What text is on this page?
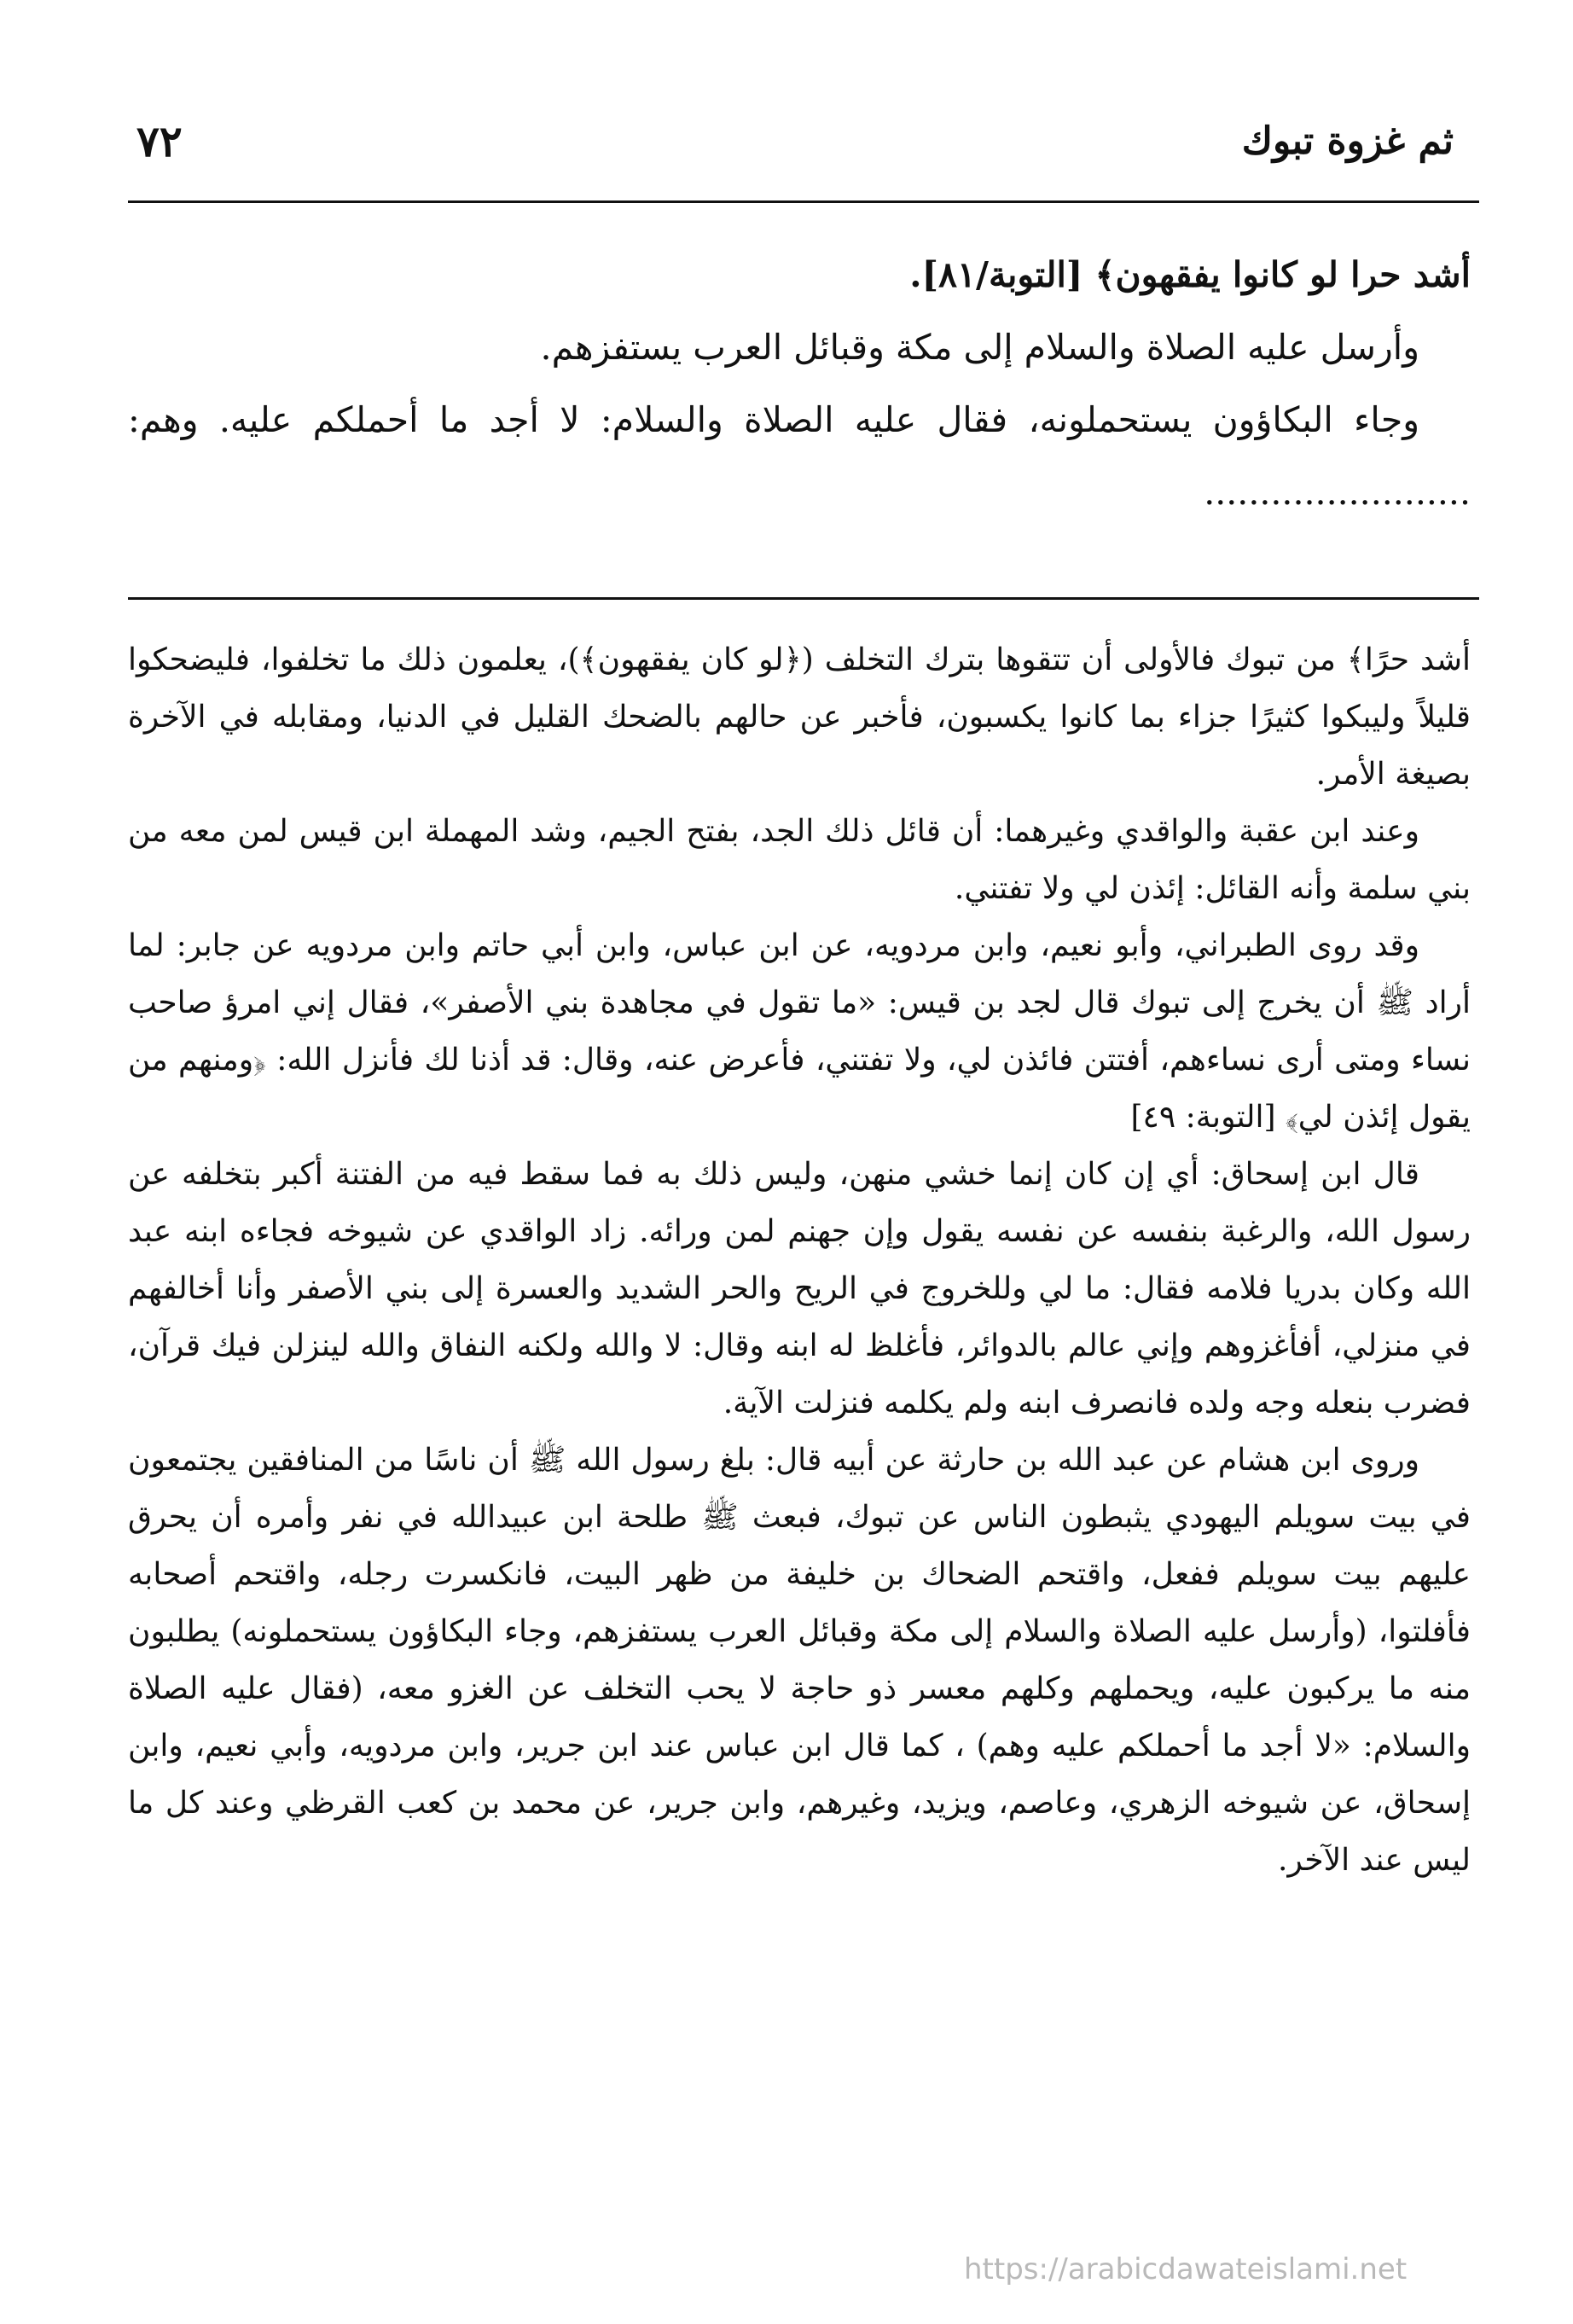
ثم غزوة تبوك
٧٢

أشد حرا لو كانوا يفقهون﴾ [التوبة/٨١].

وأرسل عليه الصلاة والسلام إلى مكة وقبائل العرب يستفزهم.

وجاء البكاؤون يستحملونه، فقال عليه الصلاة والسلام: لا أجد ما أحملكم عليه. وهم: ........................

أشد حرًا﴾ من تبوك فالأولى أن تتقوها بترك التخلف (﴿لو كان يفقهون﴾)، يعلمون ذلك ما تخلفوا، فليضحكوا قليلاً وليبكوا كثيرًا جزاء بما كانوا يكسبون، فأخبر عن حالهم بالضحك القليل في الدنيا، ومقابله في الآخرة بصيغة الأمر.

وعند ابن عقبة والواقدي وغيرهما: أن قائل ذلك الجد، بفتح الجيم، وشد المهملة ابن قيس لمن معه من بني سلمة وأنه القائل: إئذن لي ولا تفتني.

وقد روى الطبراني، وأبو نعيم، وابن مردويه، عن ابن عباس، وابن أبي حاتم وابن مردويه عن جابر: لما أراد ﷺ أن يخرج إلى تبوك قال لجد بن قيس: «ما تقول في مجاهدة بني الأصفر»، فقال إني امرؤ صاحب نساء ومتى أرى نساءهم، أفتتن فائذن لي، ولا تفتني، فأعرض عنه، وقال: قد أذنا لك فأنزل الله: ﴿ومنهم من يقول إئذن لي﴾ [التوبة: ٤٩]

قال ابن إسحاق: أي إن كان إنما خشي منهن، وليس ذلك به فما سقط فيه من الفتنة أكبر بتخلفه عن رسول الله، والرغبة بنفسه عن نفسه يقول وإن جهنم لمن ورائه. زاد الواقدي عن شيوخه فجاءه ابنه عبد الله وكان بدريا فلامه فقال: ما لي وللخروج في الريح والحر الشديد والعسرة إلى بني الأصفر وأنا أخالفهم في منزلي، أفأغزوهم وإني عالم بالدوائر، فأغلظ له ابنه وقال: لا والله ولكنه النفاق والله لينزلن فيك قرآن، فضرب بنعله وجه ولده فانصرف ابنه ولم يكلمه فنزلت الآية.

وروى ابن هشام عن عبد الله بن حارثة عن أبيه قال: بلغ رسول الله ﷺ أن ناسًا من المنافقين يجتمعون في بيت سويلم اليهودي يثبطون الناس عن تبوك، فبعث ﷺ طلحة ابن عبيدالله في نفر وأمره أن يحرق عليهم بيت سويلم ففعل، واقتحم الضحاك بن خليفة من ظهر البيت، فانكسرت رجله، واقتحم أصحابه فأفلتوا، (وأرسل عليه الصلاة والسلام إلى مكة وقبائل العرب يستفزهم، وجاء البكاؤون يستحملونه) يطلبون منه ما يركبون عليه، ويحملهم وكلهم معسر ذو حاجة لا يحب التخلف عن الغزو معه، (فقال عليه الصلاة والسلام: «لا أجد ما أحملكم عليه وهم) ، كما قال ابن عباس عند ابن جرير، وابن مردويه، وأبي نعيم، وابن إسحاق، عن شيوخه الزهري، وعاصم، ويزيد، وغيرهم، وابن جرير، عن محمد بن كعب القرظي وعند كل ما ليس عند الآخر.

https://arabicdawateislami.net
